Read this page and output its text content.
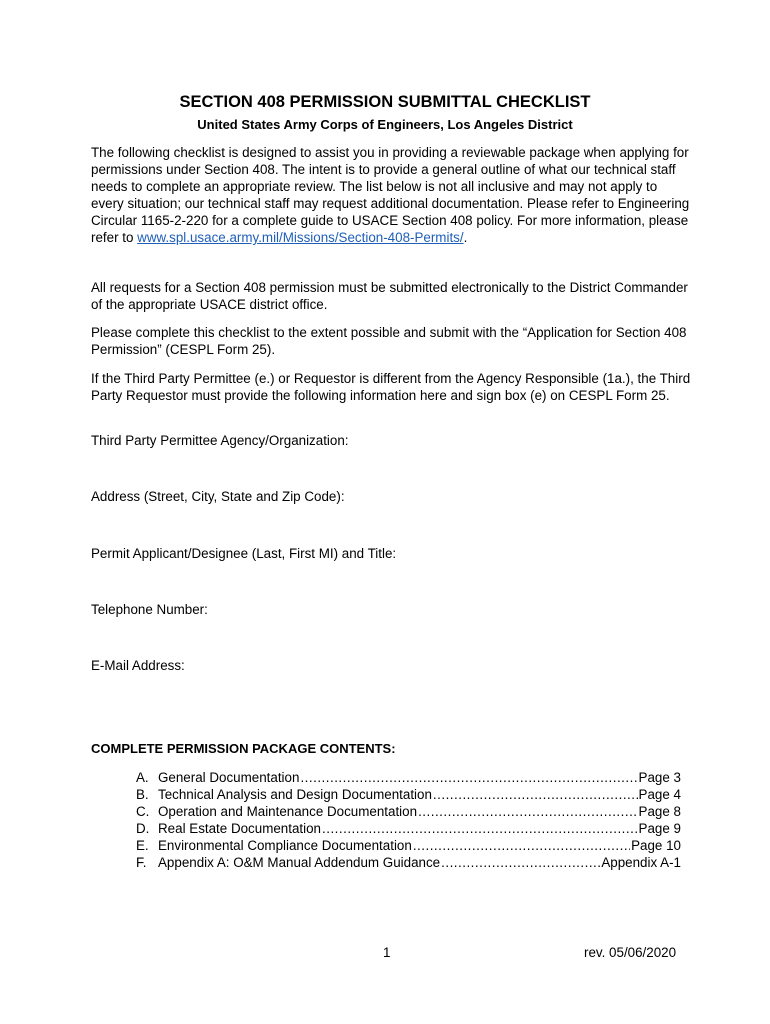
SECTION 408 PERMISSION SUBMITTAL CHECKLIST
United States Army Corps of Engineers, Los Angeles District
The following checklist is designed to assist you in providing a reviewable package when applying for permissions under Section 408. The intent is to provide a general outline of what our technical staff needs to complete an appropriate review. The list below is not all inclusive and may not apply to every situation; our technical staff may request additional documentation. Please refer to Engineering Circular 1165-2-220 for a complete guide to USACE Section 408 policy. For more information, please refer to www.spl.usace.army.mil/Missions/Section-408-Permits/.
All requests for a Section 408 permission must be submitted electronically to the District Commander of the appropriate USACE district office.
Please complete this checklist to the extent possible and submit with the “Application for Section 408 Permission” (CESPL Form 25).
If the Third Party Permittee (e.) or Requestor is different from the Agency Responsible (1a.), the Third Party Requestor must provide the following information here and sign box (e) on CESPL Form 25.
Third Party Permittee Agency/Organization:
Address (Street, City, State and Zip Code):
Permit Applicant/Designee (Last, First MI) and Title:
Telephone Number:
E-Mail Address:
COMPLETE PERMISSION PACKAGE CONTENTS:
A. General Documentation .....	Page 3
B. Technical Analysis and Design Documentation .....	Page 4
C. Operation and Maintenance Documentation .....	Page 8
D. Real Estate Documentation .....	Page 9
E. Environmental Compliance Documentation .....	Page 10
F. Appendix A: O&M Manual Addendum Guidance .....	Appendix A-1
1	rev. 05/06/2020
